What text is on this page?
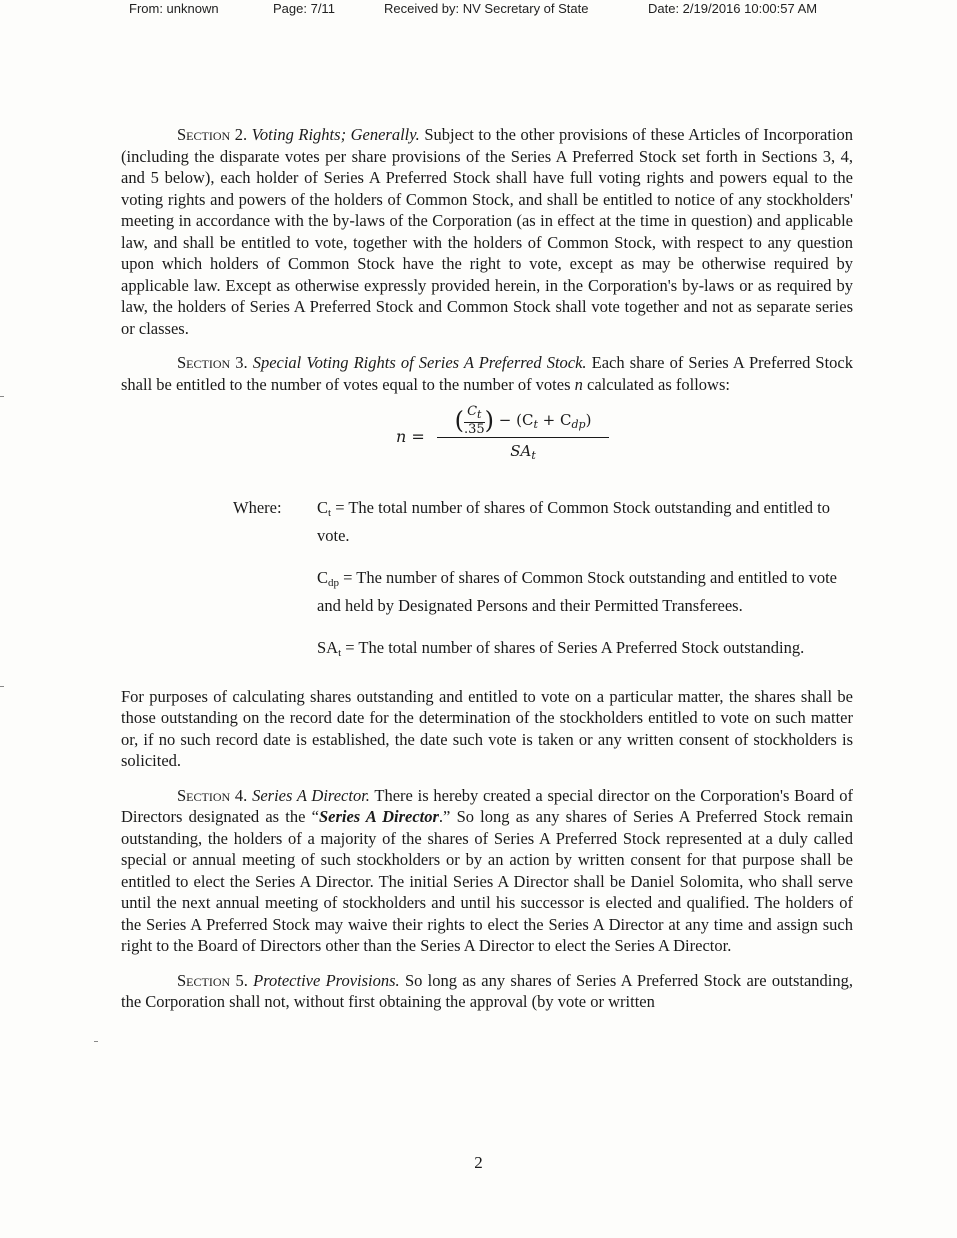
From: unknown	Page: 7/11	Received by: NV Secretary of State	Date: 2/19/2016 10:00:57 AM

Section 2. Voting Rights; Generally. Subject to the other provisions of these Articles of Incorporation (including the disparate votes per share provisions of the Series A Preferred Stock set forth in Sections 3, 4, and 5 below), each holder of Series A Preferred Stock shall have full voting rights and powers equal to the voting rights and powers of the holders of Common Stock, and shall be entitled to notice of any stockholders' meeting in accordance with the by-laws of the Corporation (as in effect at the time in question) and applicable law, and shall be entitled to vote, together with the holders of Common Stock, with respect to any question upon which holders of Common Stock have the right to vote, except as may be otherwise required by applicable law. Except as otherwise expressly provided herein, in the Corporation's by-laws or as required by law, the holders of Series A Preferred Stock and Common Stock shall vote together and not as separate series or classes.

Section 3. Special Voting Rights of Series A Preferred Stock. Each share of Series A Preferred Stock shall be entitled to the number of votes equal to the number of votes n calculated as follows:

n =
( $\frac{C_t}{.35}$ ) − $(C_t + C_{dp})$
$SA_t$
Where: $C_t$ = The total number of shares of Common Stock outstanding and entitled to vote.

$C_{dp}$ = The number of shares of Common Stock outstanding and entitled to vote and held by Designated Persons and their Permitted Transferees.

$SA_t$ = The total number of shares of Series A Preferred Stock outstanding.

For purposes of calculating shares outstanding and entitled to vote on a particular matter, the shares shall be those outstanding on the record date for the determination of the stockholders entitled to vote on such matter or, if no such record date is established, the date such vote is taken or any written consent of stockholders is solicited.

Section 4. Series A Director. There is hereby created a special director on the Corporation's Board of Directors designated as the “Series A Director.” So long as any shares of Series A Preferred Stock remain outstanding, the holders of a majority of the shares of Series A Preferred Stock represented at a duly called special or annual meeting of such stockholders or by an action by written consent for that purpose shall be entitled to elect the Series A Director. The initial Series A Director shall be Daniel Solomita, who shall serve until the next annual meeting of stockholders and until his successor is elected and qualified. The holders of the Series A Preferred Stock may waive their rights to elect the Series A Director at any time and assign such right to the Board of Directors other than the Series A Director to elect the Series A Director.

Section 5. Protective Provisions. So long as any shares of Series A Preferred Stock are outstanding, the Corporation shall not, without first obtaining the approval (by vote or written

2
